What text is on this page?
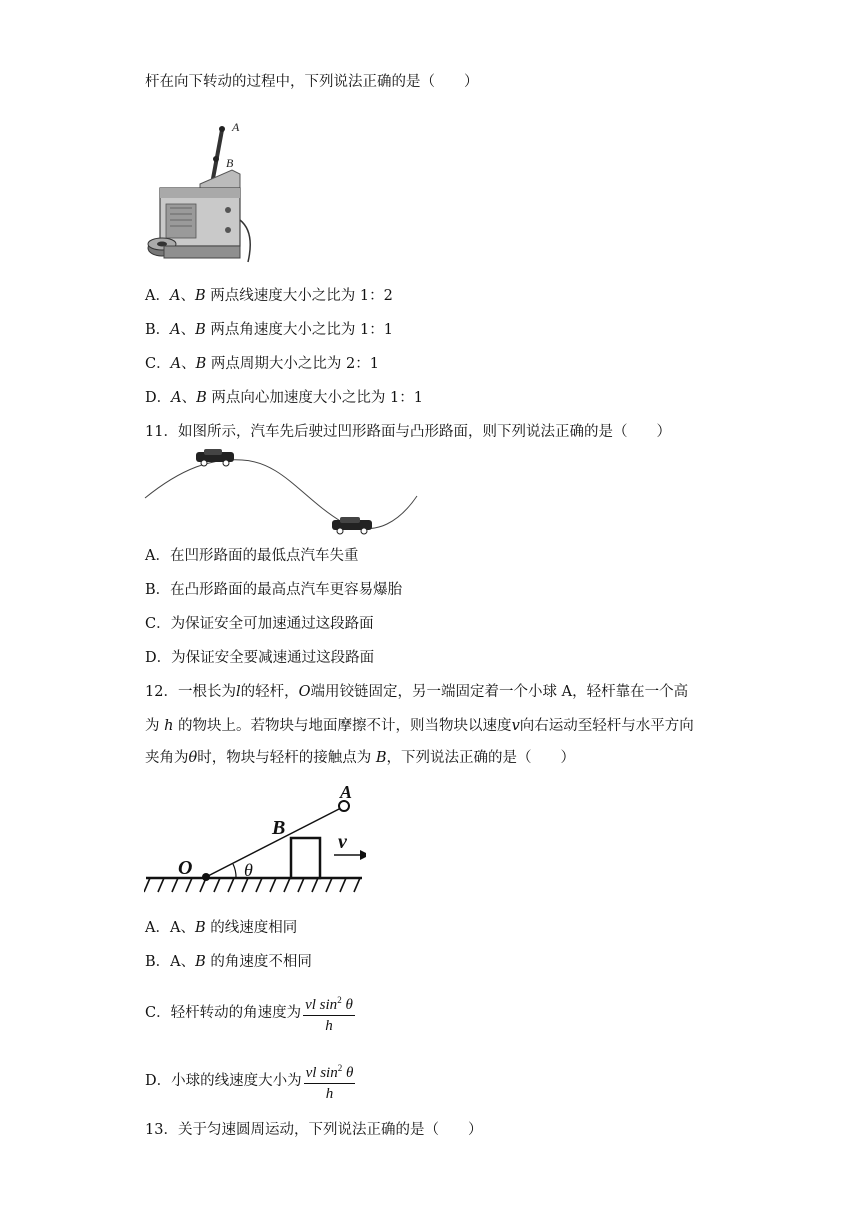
杆在向下转动的过程中，下列说法正确的是（　　）
A
B
A．A、B 两点线速度大小之比为 1：2
B．A、B 两点角速度大小之比为 1：1
C．A、B 两点周期大小之比为 2：1
D．A、B 两点向心加速度大小之比为 1：1
11．如图所示，汽车先后驶过凹形路面与凸形路面，则下列说法正确的是（　　）
A．在凹形路面的最低点汽车失重
B．在凸形路面的最高点汽车更容易爆胎
C．为保证安全可加速通过这段路面
D．为保证安全要减速通过这段路面
12．一根长为l的轻杆，O端用铰链固定，另一端固定着一个小球 A，轻杆靠在一个高
为 h 的物块上。若物块与地面摩擦不计，则当物块以速度v向右运动至轻杆与水平方向
夹角为θ时，物块与轻杆的接触点为 B，下列说法正确的是（　　）
O	θ
B
A
v
A．A、B 的线速度相同
B．A、B 的角速度不相同
C．轻杆转动的角速度为 $\frac{vl \sin^2 \theta}{h}$
D．小球的线速度大小为 $\frac{vl \sin^2 \theta}{h}$
13．关于匀速圆周运动，下列说法正确的是（　　）
